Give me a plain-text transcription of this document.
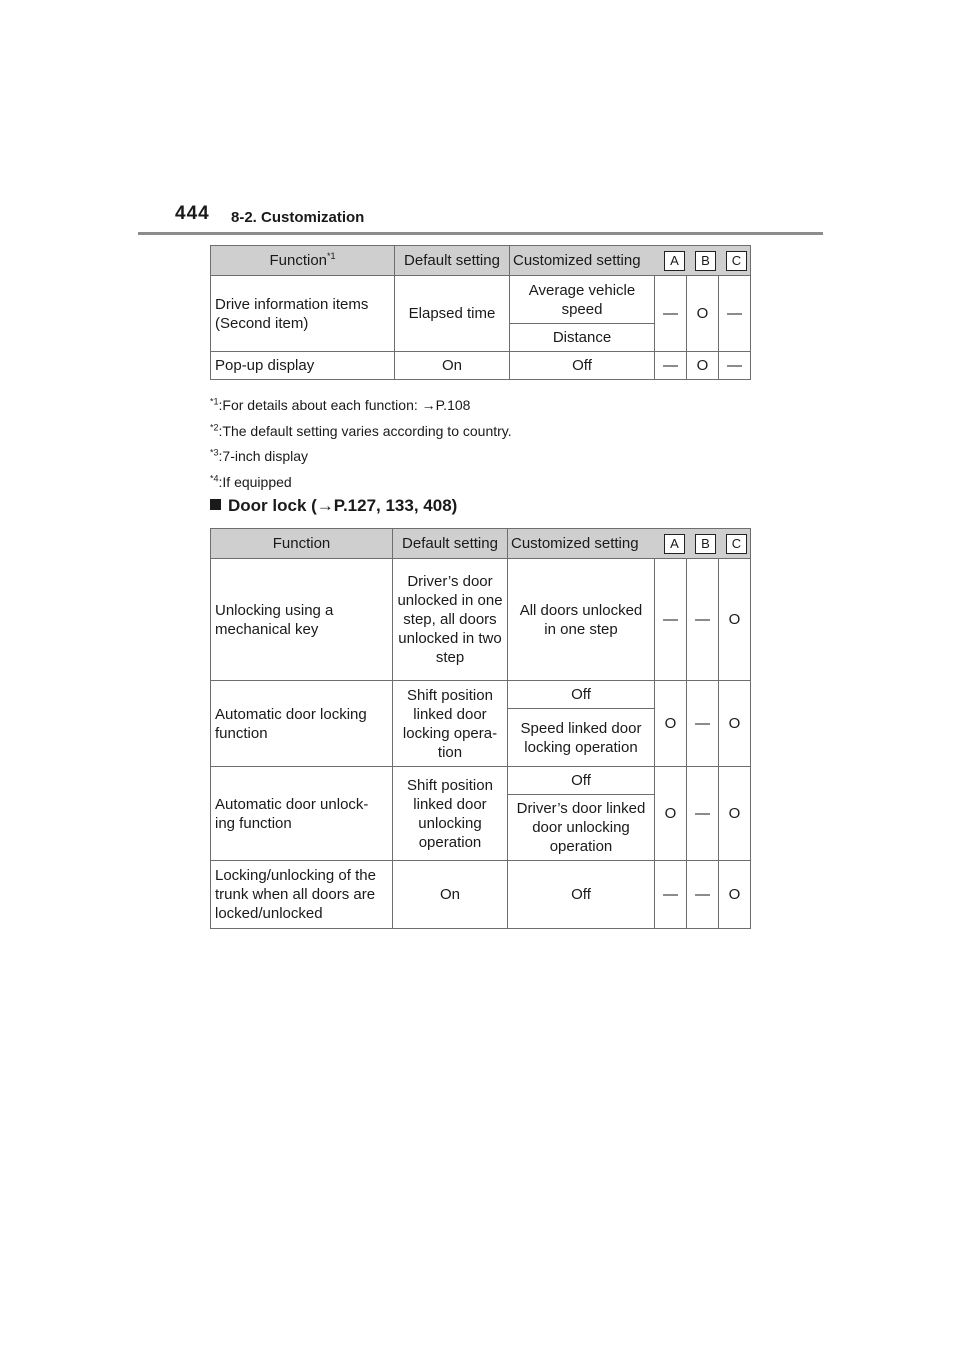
444 8-2. Customization
Function$^{*1}$	Default setting	Customized setting A B C			

Drive information items (Second item)	Elapsed time	Average vehicle speed	—	O	—
		Distance			
Pop-up display	On	Off	—	O	—
$^{*1}$:For details about each function: →P.108
$^{*2}$:The default setting varies according to country.
$^{*3}$:7-inch display
$^{*4}$:If equipped
Door lock (→P.127, 133, 408)
Function	Default setting	Customized setting A B C			

Unlocking using a mechanical key	Driver’s door unlocked in one step, all doors unlocked in two step	All doors unlocked in one step	—	—	O
Automatic door locking function	Shift position linked door locking opera-tion	Off	O	—	O
		Speed linked door locking operation			
Automatic door unlock-ing function	Shift position linked door unlocking operation	Off	O	—	O
		Driver’s door linked door unlocking operation			
Locking/unlocking of the trunk when all doors are locked/unlocked	On	Off	—	—	O
